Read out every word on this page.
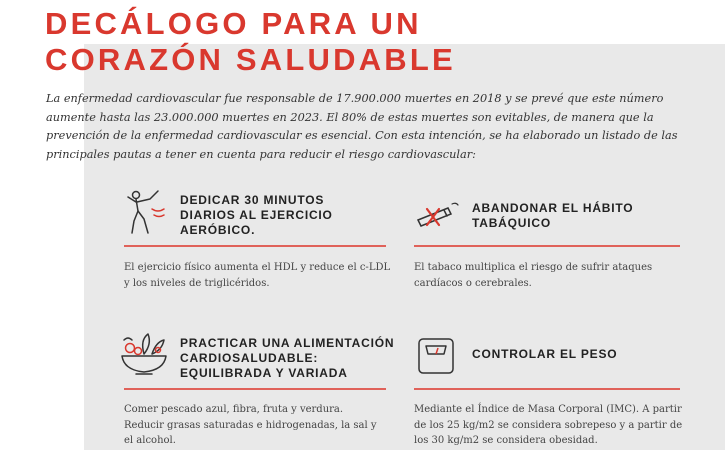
DECÁLOGO PARA UN
CORAZÓN SALUDABLE

La enfermedad cardiovascular fue responsable de 17.900.000 muertes en 2018 y se prevé que este número aumente hasta las 23.000.000 muertes en 2023. El 80% de estas muertes son evitables, de manera que la prevención de la enfermedad cardiovascular es esencial. Con esta intención, se ha elaborado un listado de las principales pautas a tener en cuenta para reducir el riesgo cardiovascular:

DEDICAR 30 MINUTOS
DIARIOS AL EJERCICIO
AERÓBICO.

El ejercicio físico aumenta el HDL y reduce el c-LDL y los niveles de triglicéridos.

ABANDONAR EL HÁBITO
TABÁQUICO

El tabaco multiplica el riesgo de sufrir ataques cardíacos o cerebrales.

PRACTICAR UNA ALIMENTACIÓN
CARDIOSALUDABLE:
EQUILIBRADA Y VARIADA

Comer pescado azul, fibra, fruta y verdura. Reducir grasas saturadas e hidrogenadas, la sal y el alcohol.

CONTROLAR EL PESO

Mediante el Índice de Masa Corporal (IMC). A partir de los 25 kg/m2 se considera sobrepeso y a partir de los 30 kg/m2 se considera obesidad.
